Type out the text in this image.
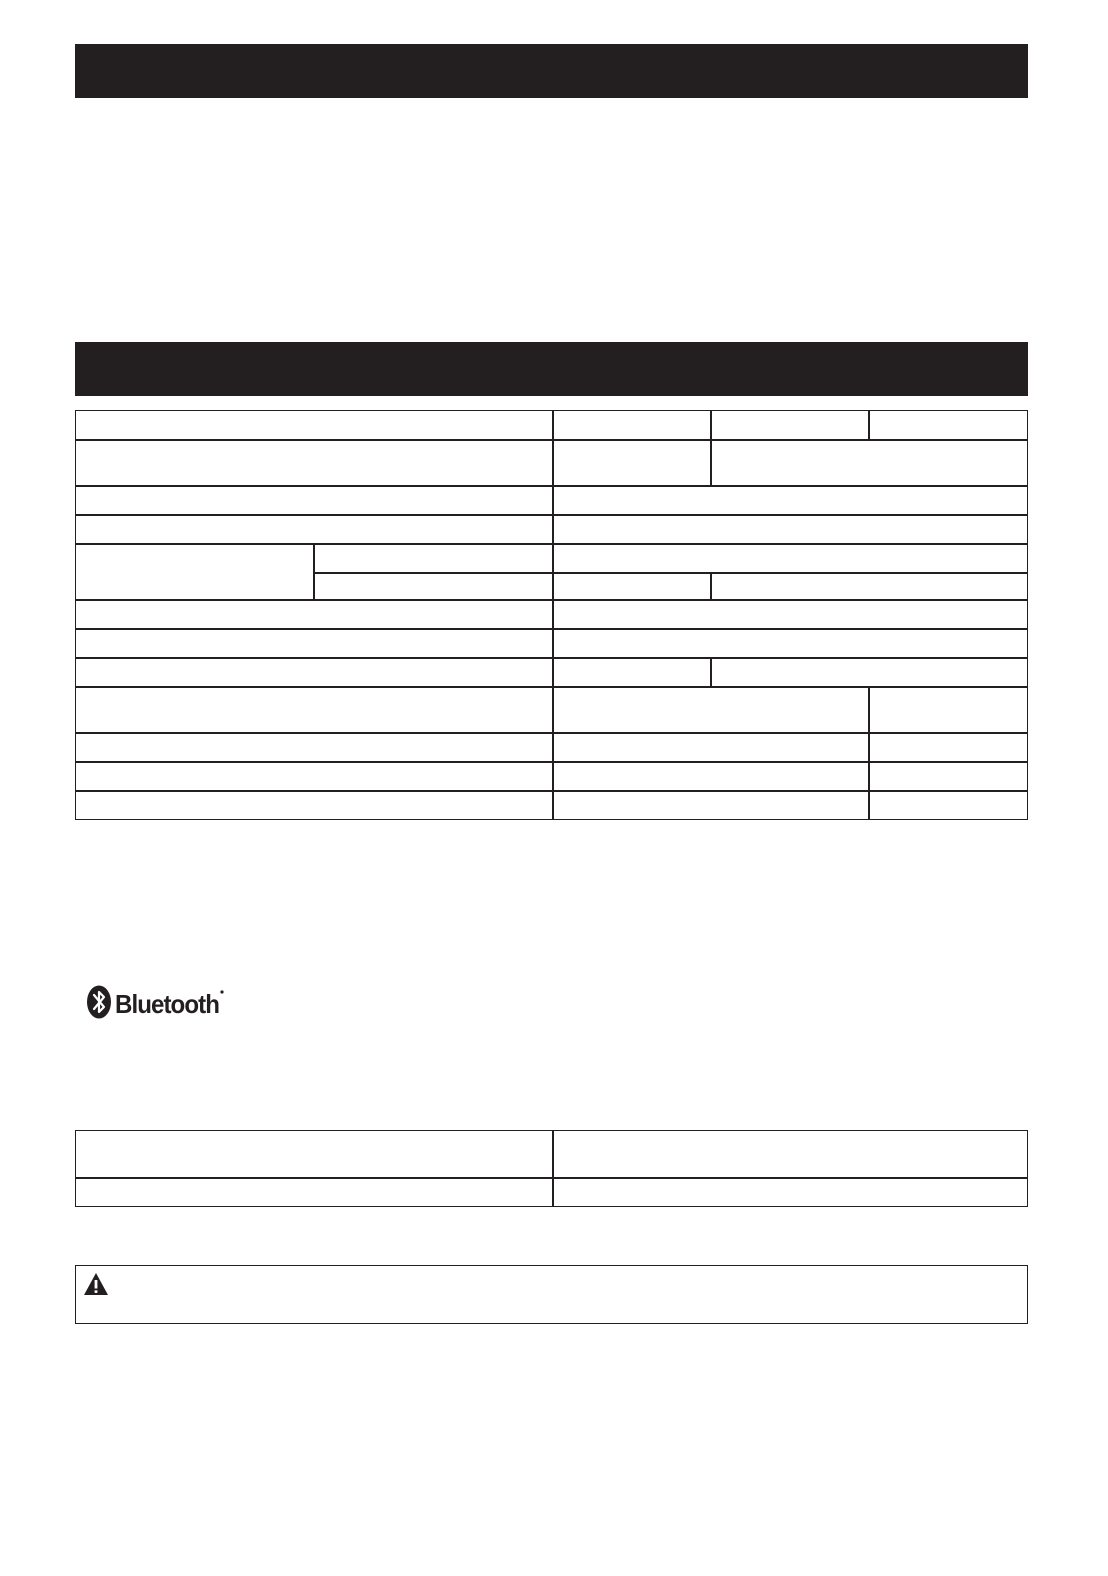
Bluetooth
